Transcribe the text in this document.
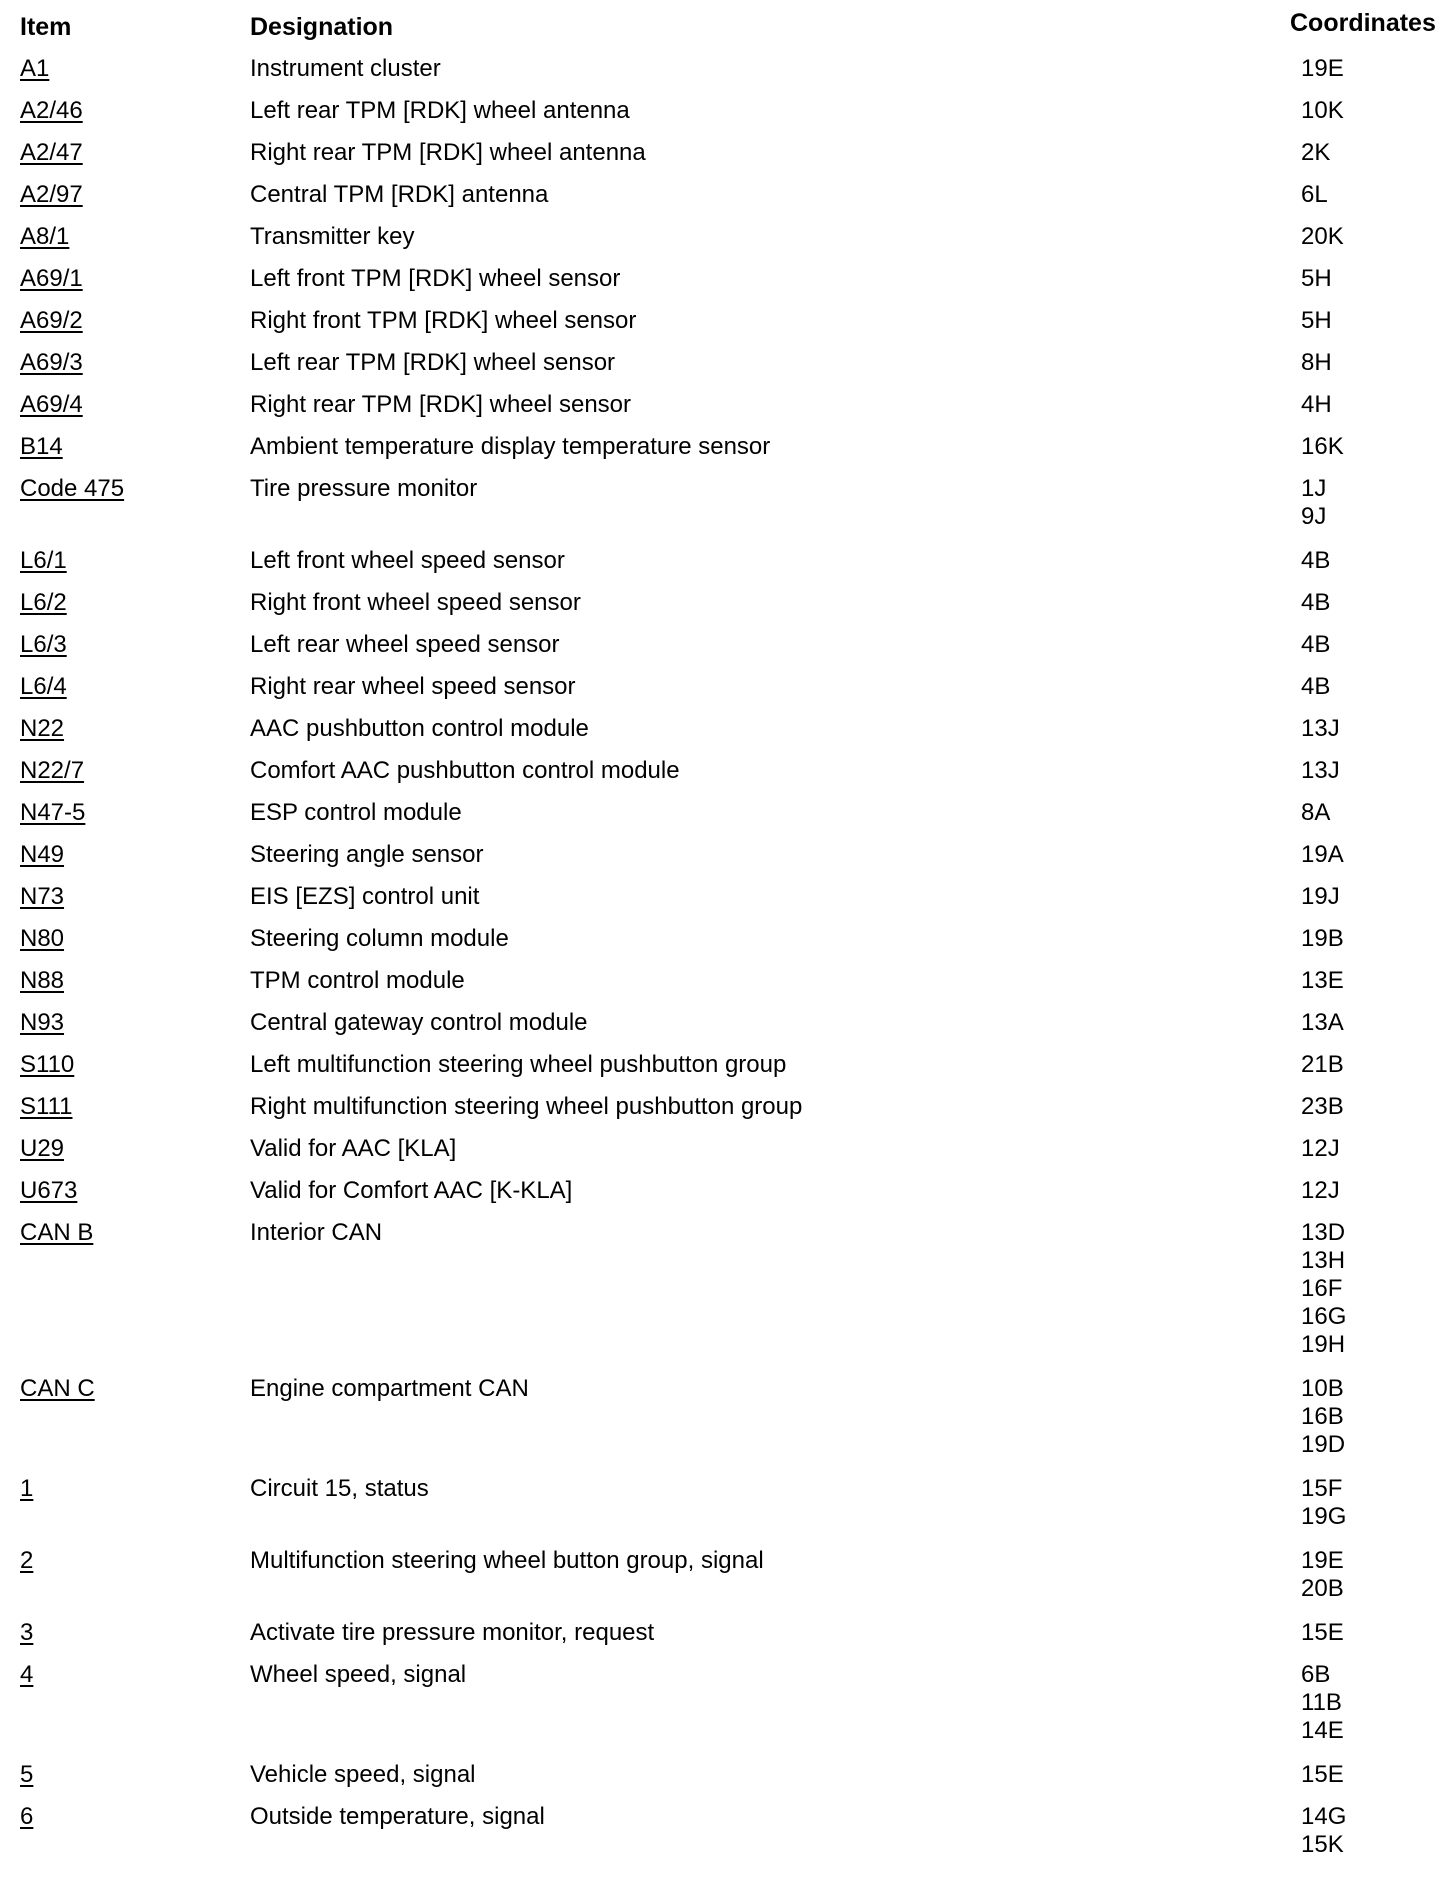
Item	Designation	Coordinates
A1	Instrument cluster	19E
A2/46	Left rear TPM [RDK] wheel antenna	10K
A2/47	Right rear TPM [RDK] wheel antenna	2K
A2/97	Central TPM [RDK] antenna	6L
A8/1	Transmitter key	20K
A69/1	Left front TPM [RDK] wheel sensor	5H
A69/2	Right front TPM [RDK] wheel sensor	5H
A69/3	Left rear TPM [RDK] wheel sensor	8H
A69/4	Right rear TPM [RDK] wheel sensor	4H
B14	Ambient temperature display temperature sensor	16K
Code 475	Tire pressure monitor	1J
9J
L6/1	Left front wheel speed sensor	4B
L6/2	Right front wheel speed sensor	4B
L6/3	Left rear wheel speed sensor	4B
L6/4	Right rear wheel speed sensor	4B
N22	AAC pushbutton control module	13J
N22/7	Comfort AAC pushbutton control module	13J
N47-5	ESP control module	8A
N49	Steering angle sensor	19A
N73	EIS [EZS] control unit	19J
N80	Steering column module	19B
N88	TPM control module	13E
N93	Central gateway control module	13A
S110	Left multifunction steering wheel pushbutton group	21B
S111	Right multifunction steering wheel pushbutton group	23B
U29	Valid for AAC [KLA]	12J
U673	Valid for Comfort AAC [K-KLA]	12J
CAN B	Interior CAN	13D
13H
16F
16G
19H
CAN C	Engine compartment CAN	10B
16B
19D
1	Circuit 15, status	15F
19G
2	Multifunction steering wheel button group, signal	19E
20B
3	Activate tire pressure monitor, request	15E
4	Wheel speed, signal	6B
11B
14E
5	Vehicle speed, signal	15E
6	Outside temperature, signal	14G
15K
